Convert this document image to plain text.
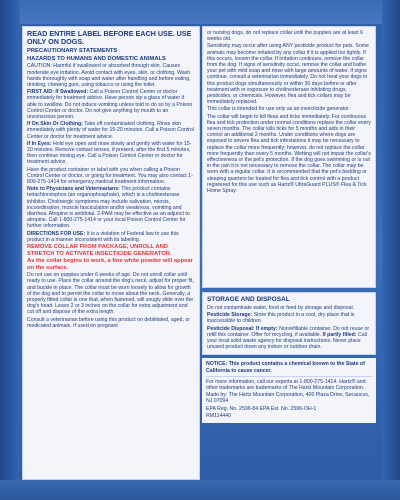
READ ENTIRE LABEL BEFORE EACH USE. USE ONLY ON DOGS.
PRECAUTIONARY STATEMENTS
HAZARDS TO HUMANS AND DOMESTIC ANIMALS

CAUTION: Harmful if swallowed or absorbed through skin. Causes moderate eye irritation. Avoid contact with eyes, skin, or clothing. Wash hands thoroughly with soap and water after handling and before eating, drinking, chewing gum, using tobacco or using the toilet.

FIRST AID: If Swallowed: Call a Poison Control Center or doctor immediately for treatment advice. Have person sip a glass of water if able to swallow. Do not induce vomiting unless told to do so by a Poison Control Center or doctor. Do not give anything by mouth to an unconscious person.

If On Skin Or Clothing: Take off contaminated clothing. Rinse skin immediately with plenty of water for 15-20 minutes. Call a Poison Control Center or doctor for treatment advice.

If In Eyes: Hold eye open and rinse slowly and gently with water for 15-20 minutes. Remove contact lenses, if present, after the first 5 minutes, then continue rinsing eye. Call a Poison Control Center or doctor for treatment advice.

Have the product container or label with you when calling a Poison Control Center or doctor, or going for treatment. You may also contact 1-800-275-1414 for emergency medical treatment information.

Note to Physicians and Veterinarians: This product contains tetrachlorvinphos (an organophosphate), which is a cholinesterase inhibitor. Cholinergic symptoms may include salivation, miosis, incoordination, muscle fasciculation and/or weakness, vomiting and diarrhea. Atropine is antidotal. 2-PAM may be effective as an adjunct to atropine. Call 1-800-275-1414 or your local Poison Control Center for further information.

DIRECTIONS FOR USE: It is a violation of Federal law to use this product in a manner inconsistent with its labeling.

REMOVE COLLAR FROM PACKAGE, UNROLL AND STRETCH TO ACTIVATE INSECTICIDE GENERATOR.
As the collar begins to work, a fine white powder will appear on the surface.

Do not use on puppies under 6 weeks of age. Do not unroll collar until ready to use. Place the collar around the dog's neck, adjust for proper fit, and buckle in place. The collar must be worn loosely to allow for growth of the dog and to permit the collar to move about the neck. Generally, a properly fitted collar is one that, when fastened, will snugly slide over the dog's head. Leave 2 or 3 inches on the collar for extra adjustment and cut off and dispose of the extra length.

Consult a veterinarian before using this product on debilitated, aged, or medicated animals. If used on pregnant

or nursing dogs, do not replace collar until the puppies are at least 6 weeks old.

Sensitivity may occur after using ANY pesticide product for pets. Some animals may become irritated by any collar if it is applied too tightly. If this occurs, loosen the collar. If irritation continues, remove the collar from the dog. If signs of sensitivity occur, remove the collar and bathe your pet with mild soap and rinse with large amounts of water. If signs continue, consult a veterinarian immediately. Do not treat your dogs in this product dogs simultaneously or within 30 days before or after treatment with or exposure to cholinesterase inhibiting drugs, pesticides, or chemicals. However, flea and tick collars may be immediately replaced.

This collar is intended for use only as an insecticide generator.

The collar will begin to kill fleas and ticks immediately. For continuous flea and tick protection under normal conditions replace the collar every seven months. The collar kills ticks for 5 months and aids in their control an additional 2 months. Under conditions where dogs are exposed to severe flea and tick infestations it may be necessary to replace the collar more frequently; however, do not replace the collar more frequently than every 5 months. Wetting will not impair the collar's effectiveness or the pet's protection. If the dog goes swimming or is out in the rain it is not necessary to remove the collar. The collar may be worn with a regular collar. It is recommended that the pet's bedding or sleeping quarters be treated for flea and tick control with a product registered for this use such as Hartz® UltraGuard PLUS® Flea & Tick Home Spray.

STORAGE AND DISPOSAL

Do not contaminate water, food or feed by storage and disposal.

Pesticide Storage: Store this product in a cool, dry place that is inaccessible to children.

Pesticide Disposal: If empty: Nonrefillable container. Do not reuse or refill this container. Offer for recycling, if available. If partly filled: Call your local solid waste agency for disposal instructions. Never place unused product down any indoor or outdoor drain.

NOTICE: This product contains a chemical known to the State of California to cause cancer.

For more information, call our experts at 1-800-275-1414. Hartz® and other trademarks are trademarks of The Hartz Mountain Corporation.

Made by: The Hartz Mountain Corporation, 400 Plaza Drive, Secaucus, NJ 07094

EPA Reg. No. 2596-84 EPA Est. No. 2596-OH-1

RM114440
